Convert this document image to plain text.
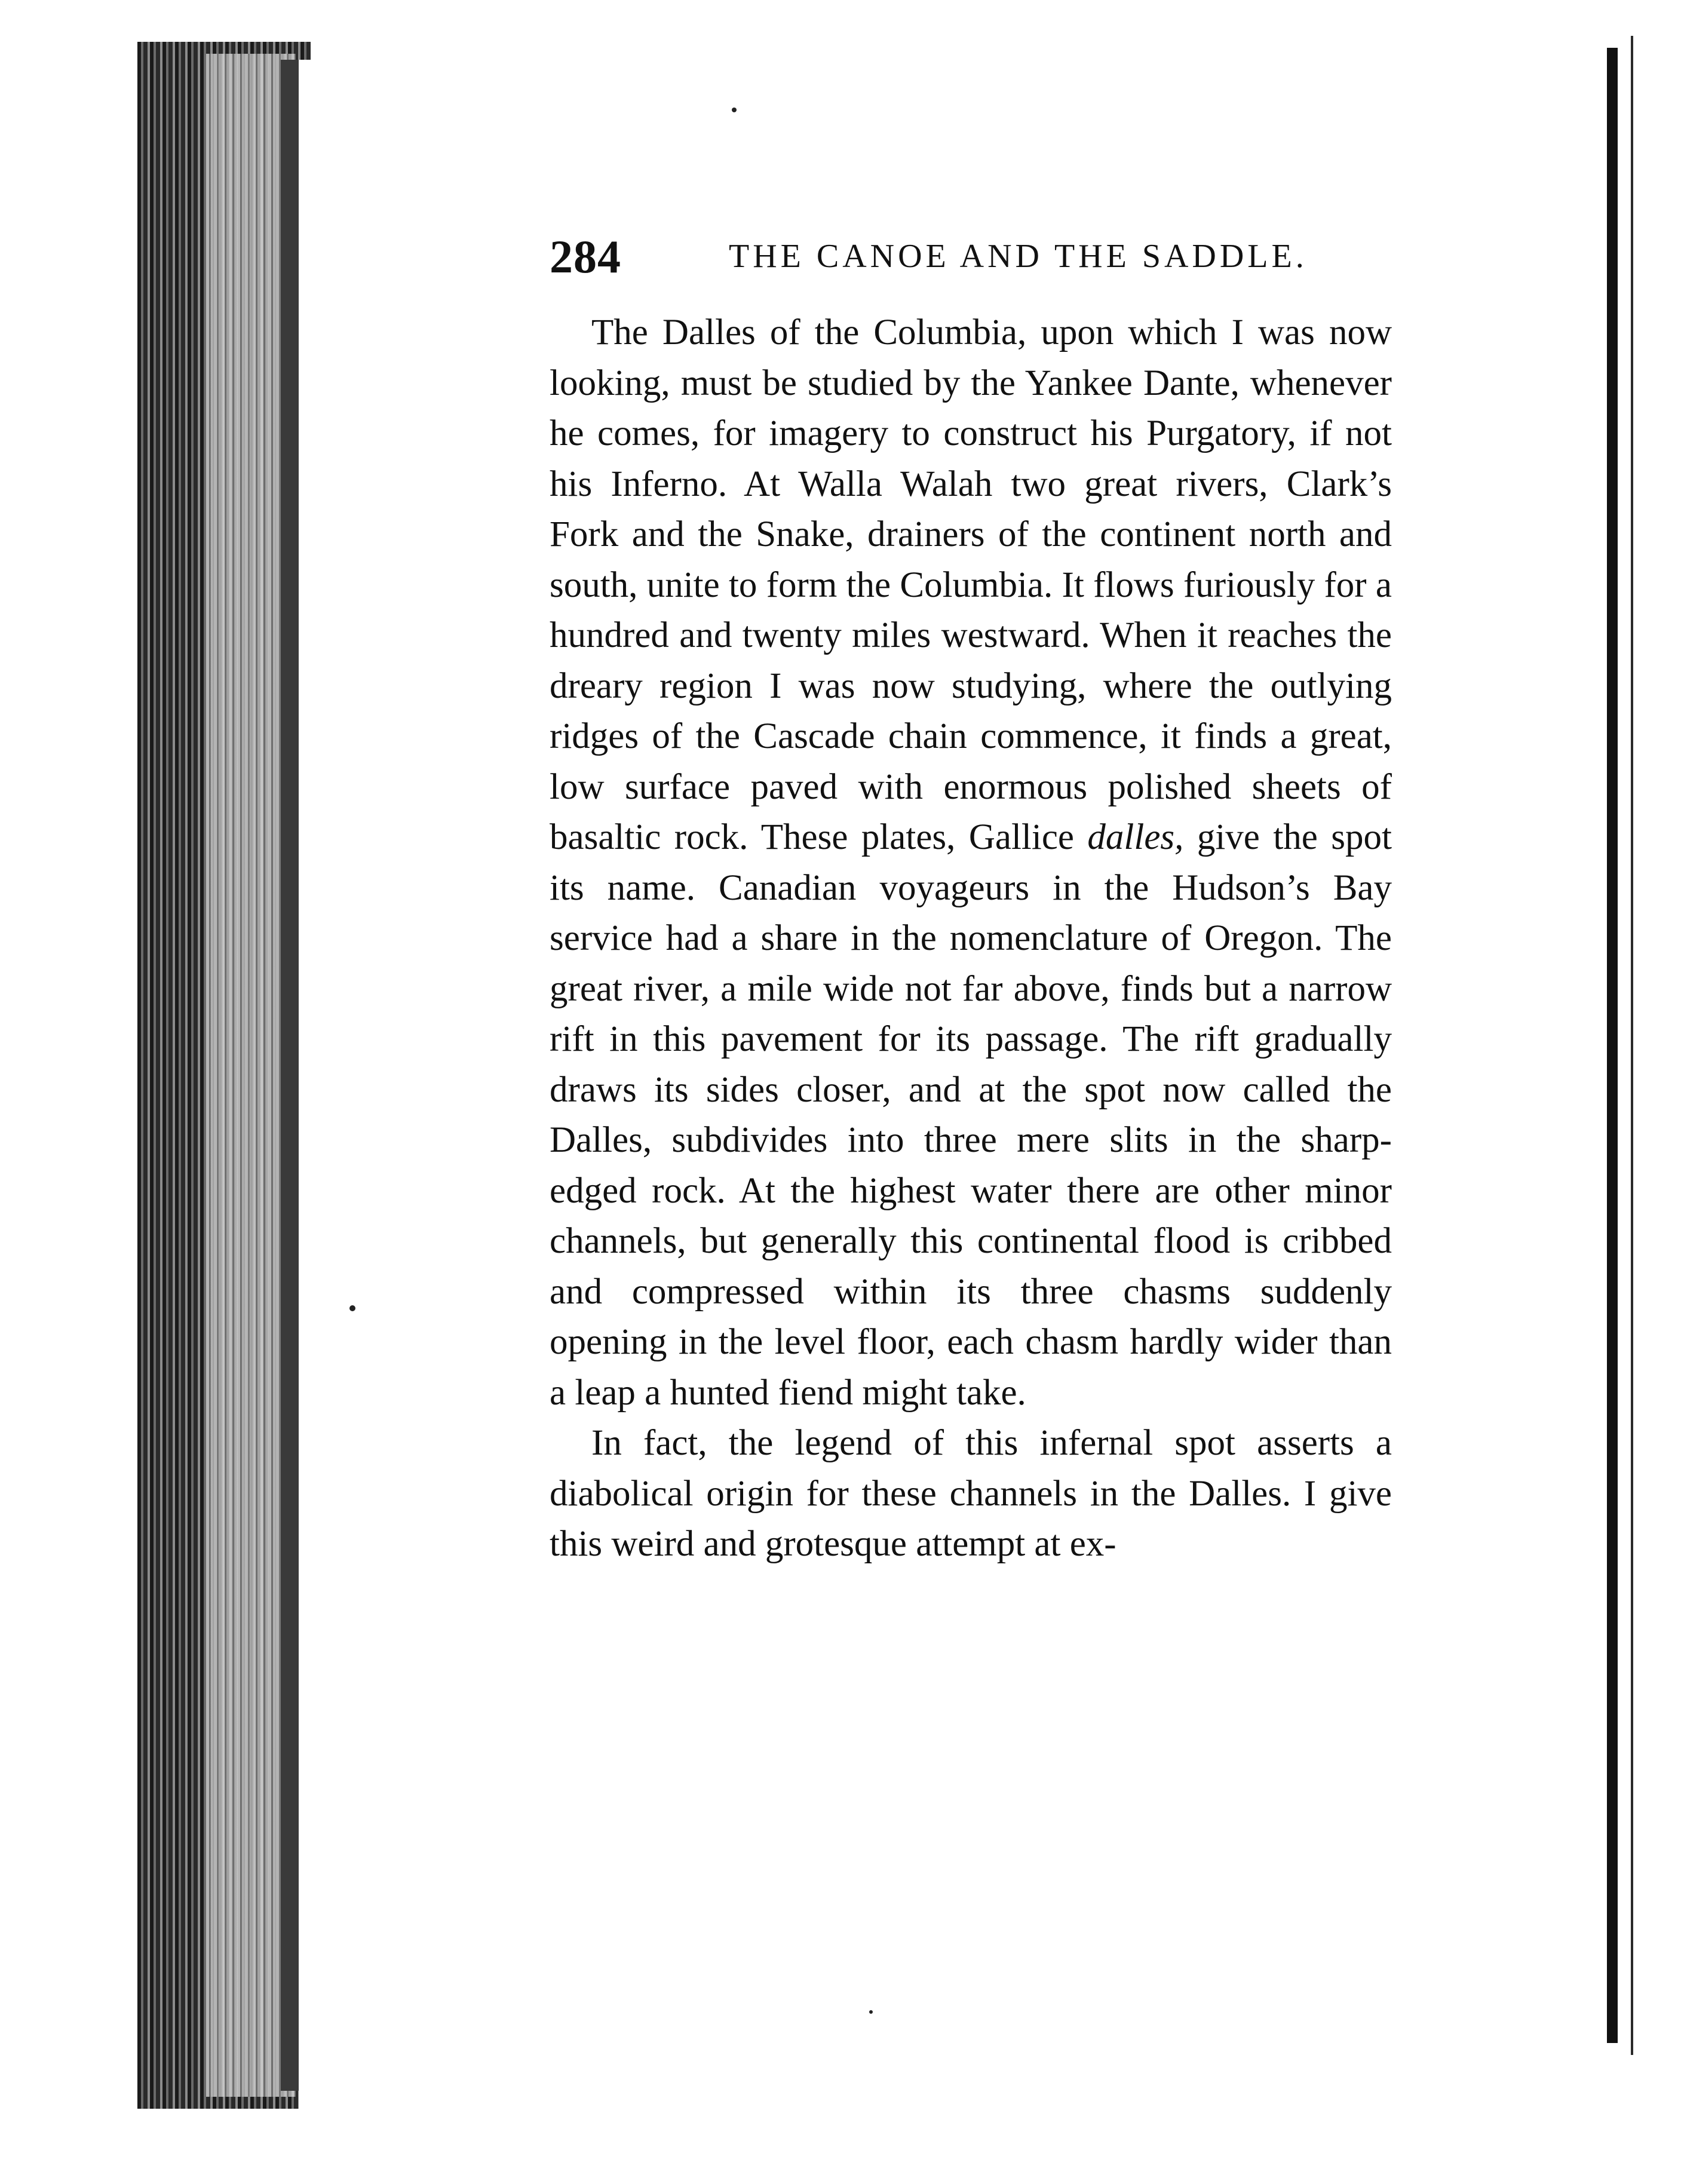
284	THE CANOE AND THE SADDLE.

The Dalles of the Columbia, upon which I was now looking, must be studied by the Yankee Dante, whenever he comes, for imagery to construct his Purgatory, if not his Inferno. At Walla Walah two great rivers, Clark’s Fork and the Snake, drainers of the continent north and south, unite to form the Columbia. It flows furiously for a hundred and twenty miles westward. When it reaches the dreary region I was now studying, where the outlying ridges of the Cascade chain commence, it finds a great, low surface paved with enormous polished sheets of basaltic rock. These plates, Gallice dalles, give the spot its name. Canadian voyageurs in the Hudson’s Bay service had a share in the nomenclature of Oregon. The great river, a mile wide not far above, finds but a narrow rift in this pavement for its passage. The rift gradually draws its sides closer, and at the spot now called the Dalles, subdivides into three mere slits in the sharp-edged rock. At the highest water there are other minor channels, but generally this continental flood is cribbed and compressed within its three chasms suddenly opening in the level floor, each chasm hardly wider than a leap a hunted fiend might take.

In fact, the legend of this infernal spot asserts a diabolical origin for these channels in the Dalles. I give this weird and grotesque attempt at ex-
